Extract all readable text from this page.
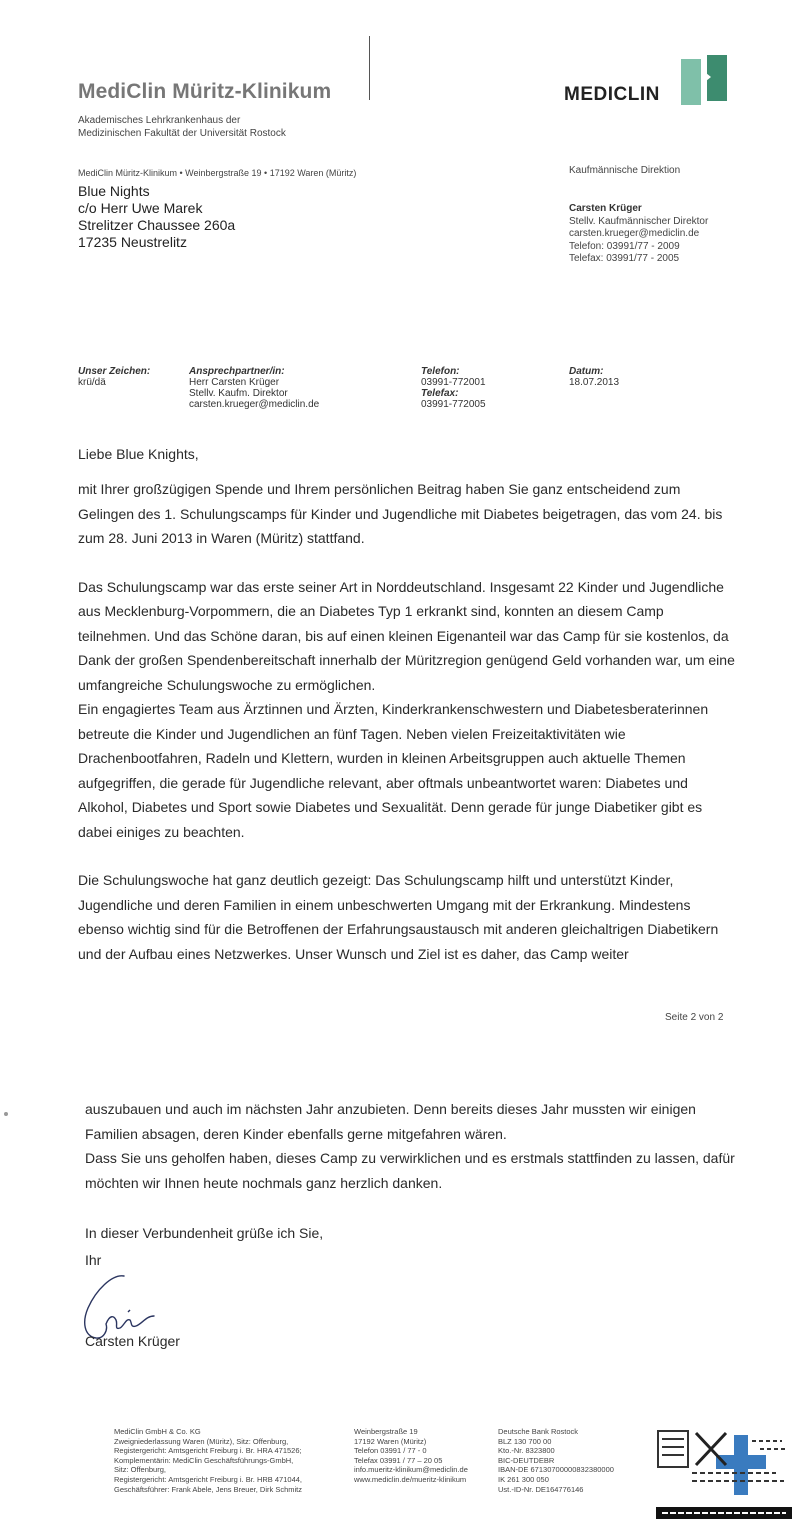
MediClin Müritz-Klinikum
Akademisches Lehrkrankenhaus der
Medizinischen Fakultät der Universität Rostock
MEDICLIN
MediClin Müritz-Klinikum • Weinbergstraße 19 • 17192 Waren (Müritz)
Blue Nights
c/o Herr Uwe Marek
Strelitzer Chaussee 260a
17235 Neustrelitz
Kaufmännische Direktion
Carsten Krüger
Stellv. Kaufmännischer Direktor
carsten.krueger@mediclin.de
Telefon: 03991/77 - 2009
Telefax: 03991/77 - 2005
Unser Zeichen:
krü/dä
Ansprechpartner/in:
Herr Carsten Krüger
Stellv. Kaufm. Direktor
carsten.krueger@mediclin.de
Telefon:
03991-772001
Telefax:
03991-772005
Datum:
18.07.2013
Liebe Blue Knights,

mit Ihrer großzügigen Spende und Ihrem persönlichen Beitrag haben Sie ganz entscheidend zum Gelingen des 1. Schulungscamps für Kinder und Jugendliche mit Diabetes beigetragen, das vom 24. bis zum 28. Juni 2013 in Waren (Müritz) stattfand.

Das Schulungscamp war das erste seiner Art in Norddeutschland. Insgesamt 22 Kinder und Jugendliche aus Mecklenburg-Vorpommern, die an Diabetes Typ 1 erkrankt sind, konnten an diesem Camp teilnehmen. Und das Schöne daran, bis auf einen kleinen Eigenanteil war das Camp für sie kostenlos, da Dank der großen Spendenbereitschaft innerhalb der Müritzregion genügend Geld vorhanden war, um eine umfangreiche Schulungswoche zu ermöglichen.

Ein engagiertes Team aus Ärztinnen und Ärzten, Kinderkrankenschwestern und Diabetesberaterinnen betreute die Kinder und Jugendlichen an fünf Tagen. Neben vielen Freizeitaktivitäten wie Drachenbootfahren, Radeln und Klettern, wurden in kleinen Arbeitsgruppen auch aktuelle Themen aufgegriffen, die gerade für Jugendliche relevant, aber oftmals unbeantwortet waren: Diabetes und Alkohol, Diabetes und Sport sowie Diabetes und Sexualität. Denn gerade für junge Diabetiker gibt es dabei einiges zu beachten.

Die Schulungswoche hat ganz deutlich gezeigt: Das Schulungscamp hilft und unterstützt Kinder, Jugendliche und deren Familien in einem unbeschwerten Umgang mit der Erkrankung. Mindestens ebenso wichtig sind für die Betroffenen der Erfahrungsaustausch mit anderen gleichaltrigen Diabetikern und der Aufbau eines Netzwerkes. Unser Wunsch und Ziel ist es daher, das Camp weiter

Seite 2 von 2

auszubauen und auch im nächsten Jahr anzubieten. Denn bereits dieses Jahr mussten wir einigen Familien absagen, deren Kinder ebenfalls gerne mitgefahren wären.

Dass Sie uns geholfen haben, dieses Camp zu verwirklichen und es erstmals stattfinden zu lassen, dafür möchten wir Ihnen heute nochmals ganz herzlich danken.

In dieser Verbundenheit grüße ich Sie,
Ihr
Carsten Krüger
MediClin GmbH & Co. KG
Zweigniederlassung Waren (Müritz), Sitz: Offenburg,
Registergericht: Amtsgericht Freiburg i. Br. HRA 471526;
Komplementärin: MediClin Geschäftsführungs-GmbH,
Sitz: Offenburg,
Registergericht: Amtsgericht Freiburg i. Br. HRB 471044,
Geschäftsführer: Frank Abele, Jens Breuer, Dirk Schmitz
Weinbergstraße 19
17192 Waren (Müritz)
Telefon 03991 / 77 - 0
Telefax 03991 / 77 – 20 05
info.mueritz-klinikum@mediclin.de
www.mediclin.de/mueritz-klinikum
Deutsche Bank Rostock
BLZ 130 700 00
Kto.-Nr. 8323800
BIC-DEUTDEBR
IBAN-DE 67130700000832380000
IK 261 300 050
Ust.-ID-Nr. DE164776146
